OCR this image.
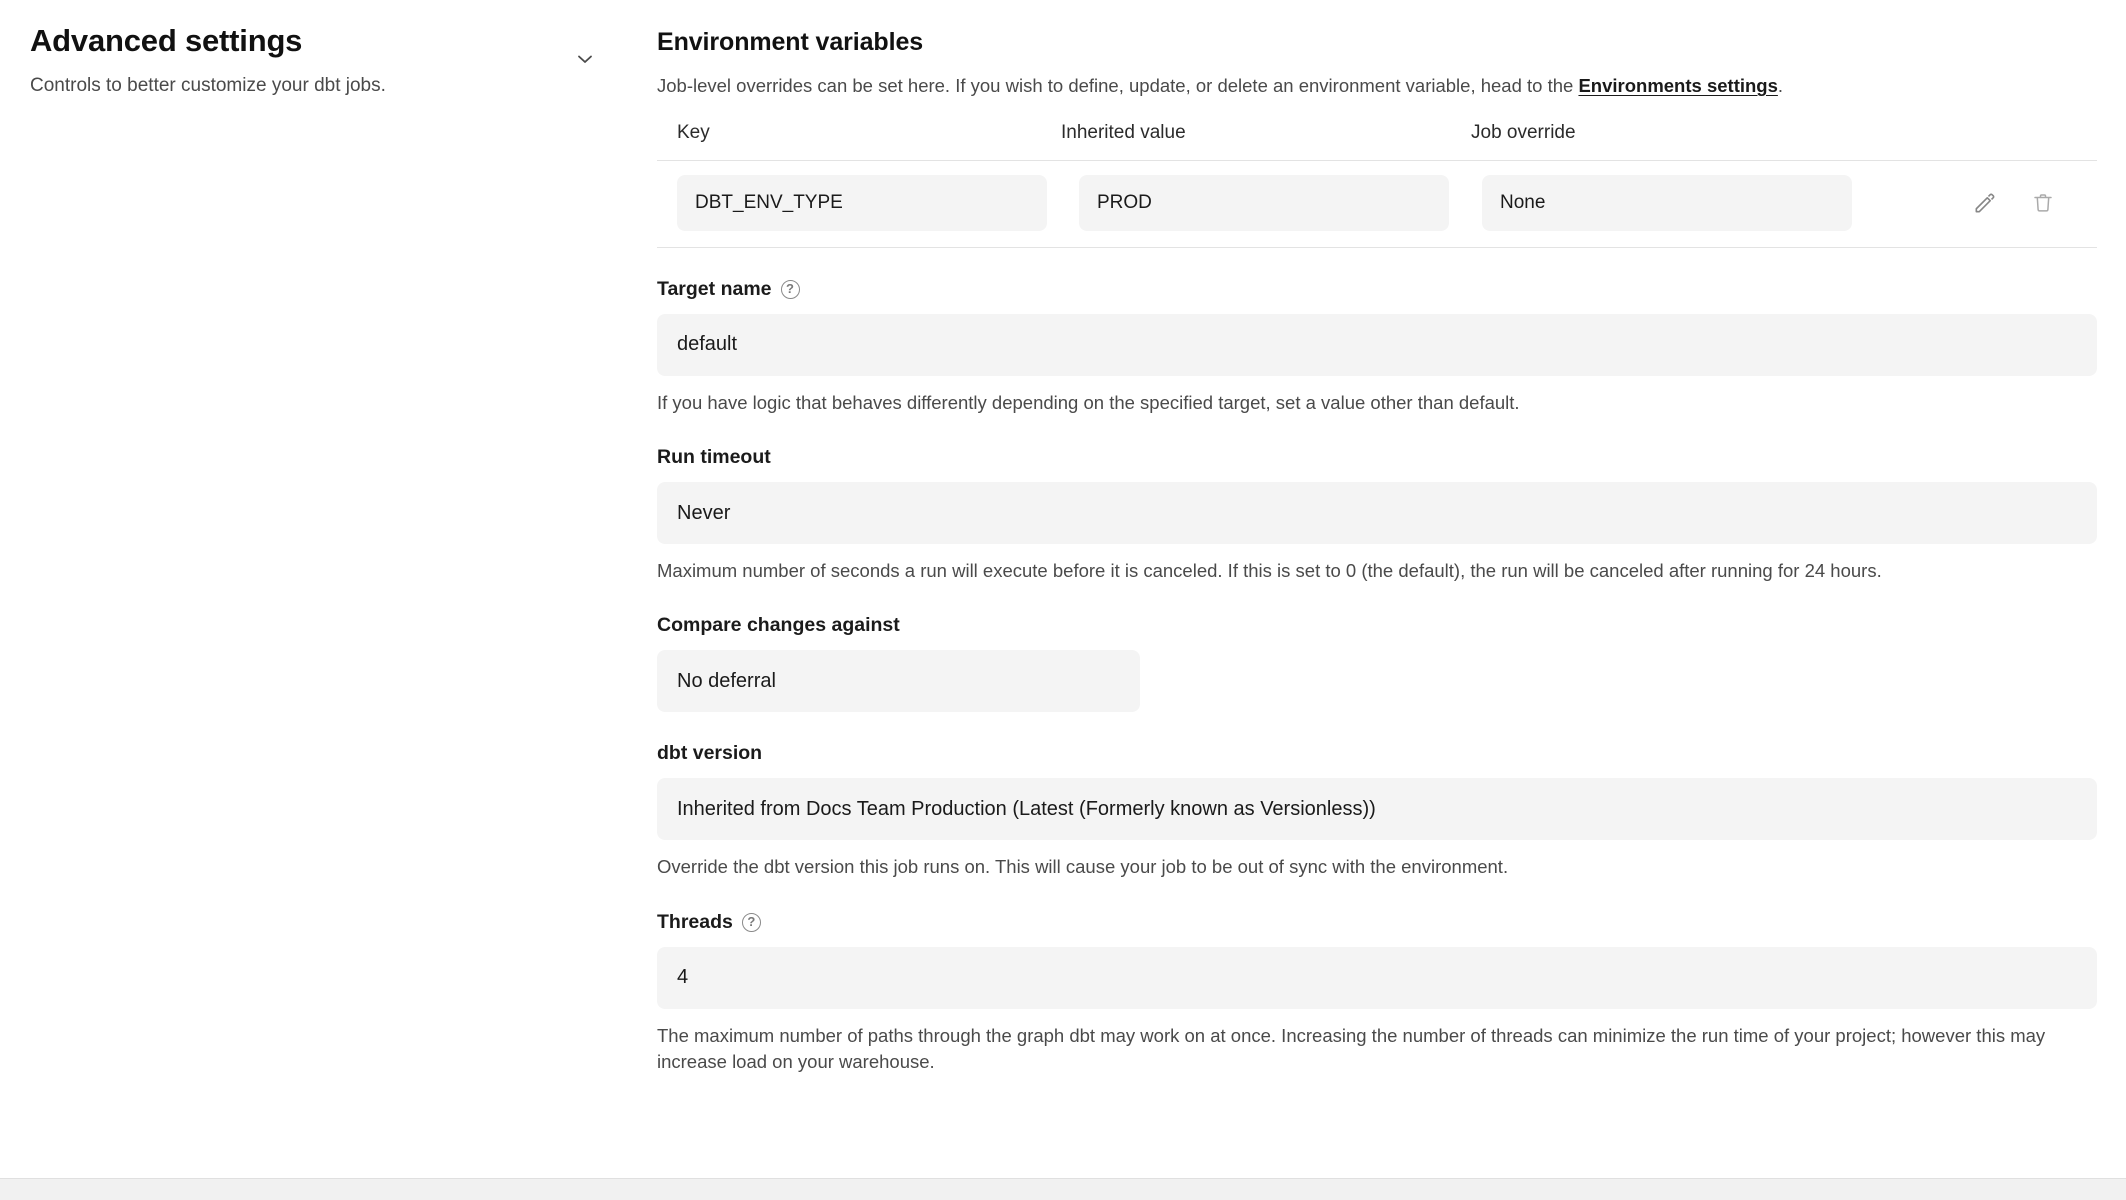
Advanced settings
Controls to better customize your dbt jobs.
Environment variables
Job-level overrides can be set here. If you wish to define, update, or delete an environment variable, head to the Environments settings.
Key	Inherited value	Job override
DBT_ENV_TYPE	PROD	None
Target name	?
default
If you have logic that behaves differently depending on the specified target, set a value other than default.
Run timeout
Never
Maximum number of seconds a run will execute before it is canceled. If this is set to 0 (the default), the run will be canceled after running for 24 hours.
Compare changes against
No deferral
dbt version
Inherited from Docs Team Production (Latest (Formerly known as Versionless))
Override the dbt version this job runs on. This will cause your job to be out of sync with the environment.
Threads	?
4
The maximum number of paths through the graph dbt may work on at once. Increasing the number of threads can minimize the run time of your project; however this may increase load on your warehouse.
